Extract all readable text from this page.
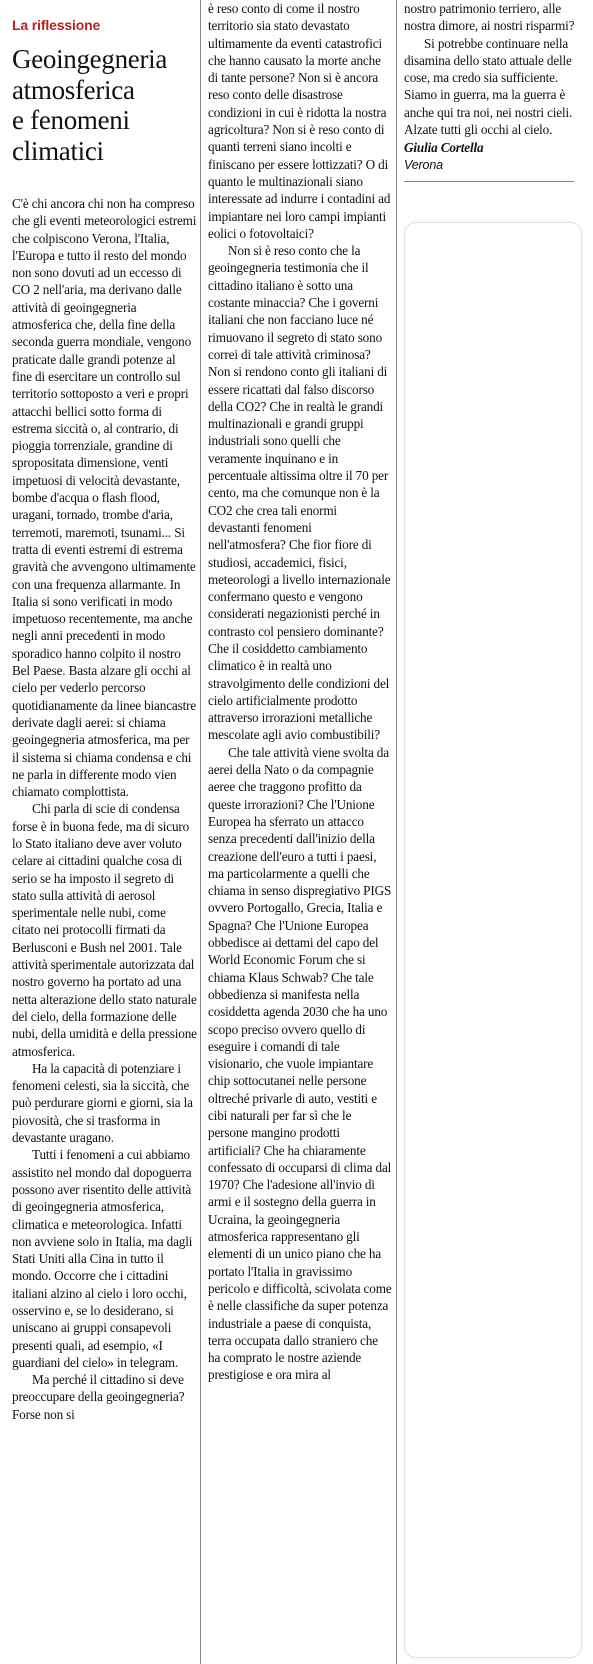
La riflessione
Geoingegneria
atmosferica
e fenomeni
climatici

C'è chi ancora chi non ha compreso che gli eventi meteorologici estremi che colpiscono Verona, l'Italia, l'Europa e tutto il resto del mondo non sono dovuti ad un eccesso di CO 2 nell'aria, ma derivano dalle attività di geoingegneria atmosferica che, della fine della seconda guerra mondiale, vengono praticate dalle grandi potenze al fine di esercitare un controllo sul territorio sottoposto a veri e propri attacchi bellici sotto forma di estrema siccità o, al contrario, di pioggia torrenziale, grandine di spropositata dimensione, venti impetuosi di velocità devastante, bombe d'acqua o flash flood, uragani, tornado, trombe d'aria, terremoti, maremoti, tsunami... Si tratta di eventi estremi di estrema gravità che avvengono ultimamente con una frequenza allarmante. In Italia si sono verificati in modo impetuoso recentemente, ma anche negli anni precedenti in modo sporadico hanno colpito il nostro Bel Paese. Basta alzare gli occhi al cielo per vederlo percorso quotidianamente da linee biancastre derivate dagli aerei: si chiama geoingegneria atmosferica, ma per il sistema si chiama condensa e chi ne parla in differente modo vien chiamato complottista.

Chi parla di scie di condensa forse è in buona fede, ma di sicuro lo Stato italiano deve aver voluto celare ai cittadini qualche cosa di serio se ha imposto il segreto di stato sulla attività di aerosol sperimentale nelle nubi, come citato nei protocolli firmati da Berlusconi e Bush nel 2001. Tale attività sperimentale autorizzata dal nostro governo ha portato ad una netta alterazione dello stato naturale del cielo, della formazione delle nubi, della umidità e della pressione atmosferica.

Ha la capacità di potenziare i fenomeni celesti, sia la siccità, che può perdurare giorni e giorni, sia la piovosità, che si trasforma in devastante uragano.

Tutti i fenomeni a cui abbiamo assistito nel mondo dal dopoguerra possono aver risentito delle attività di geoingegneria atmosferica, climatica e meteorologica. Infatti non avviene solo in Italia, ma dagli Stati Uniti alla Cina in tutto il mondo. Occorre che i cittadini italiani alzino al cielo i loro occhi, osservino e, se lo desiderano, si uniscano ai gruppi consapevoli presenti quali, ad esempio, «I guardiani del cielo» in telegram.

Ma perché il cittadino si deve preoccupare della geoingegneria? Forse non si

è reso conto di come il nostro territorio sia stato devastato ultimamente da eventi catastrofici che hanno causato la morte anche di tante persone? Non si è ancora reso conto delle disastrose condizioni in cui è ridotta la nostra agricoltura? Non si è reso conto di quanti terreni siano incolti e finiscano per essere lottizzati? O di quanto le multinazionali siano interessate ad indurre i contadini ad impiantare nei loro campi impianti eolici o fotovoltaici?

Non si è reso conto che la geoingegneria testimonia che il cittadino italiano è sotto una costante minaccia? Che i governi italiani che non facciano luce né rimuovano il segreto di stato sono correi di tale attività criminosa? Non si rendono conto gli italiani di essere ricattati dal falso discorso della CO2? Che in realtà le grandi multinazionali e grandi gruppi industriali sono quelli che veramente inquinano e in percentuale altissima oltre il 70 per cento, ma che comunque non è la CO2 che crea tali enormi devastanti fenomeni nell'atmosfera? Che fior fiore di studiosi, accademici, fisici, meteorologi a livello internazionale confermano questo e vengono considerati negazionisti perché in contrasto col pensiero dominante? Che il cosiddetto cambiamento climatico è in realtà uno stravolgimento delle condizioni del cielo artificialmente prodotto attraverso irrorazioni metalliche mescolate agli avio combustibili?

Che tale attività viene svolta da aerei della Nato o da compagnie aeree che traggono profitto da queste irrorazioni? Che l'Unione Europea ha sferrato un attacco senza precedenti dall'inizio della creazione dell'euro a tutti i paesi, ma particolarmente a quelli che chiama in senso dispregiativo PIGS ovvero Portogallo, Grecia, Italia e Spagna? Che l'Unione Europea obbedisce ai dettami del capo del World Economic Forum che si chiama Klaus Schwab? Che tale obbedienza si manifesta nella cosiddetta agenda 2030 che ha uno scopo preciso ovvero quello di eseguire i comandi di tale visionario, che vuole impiantare chip sottocutanei nelle persone oltreché privarle di auto, vestiti e cibi naturali per far sì che le persone mangino prodotti artificiali? Che ha chiaramente confessato di occuparsi di clima dal 1970? Che l'adesione all'invio di armi e il sostegno della guerra in Ucraina, la geoingegneria atmosferica rappresentano gli elementi di un unico piano che ha portato l'Italia in gravissimo pericolo e difficoltà, scivolata come è nelle classifiche da super potenza industriale a paese di conquista, terra occupata dallo straniero che ha comprato le nostre aziende prestigiose e ora mira al

nostro patrimonio terriero, alle nostra dimore, ai nostri risparmi?

Si potrebbe continuare nella disamina dello stato attuale delle cose, ma credo sia sufficiente. Siamo in guerra, ma la guerra è anche qui tra noi, nei nostri cieli. Alzate tutti gli occhi al cielo.

Giulia Cortella
Verona
